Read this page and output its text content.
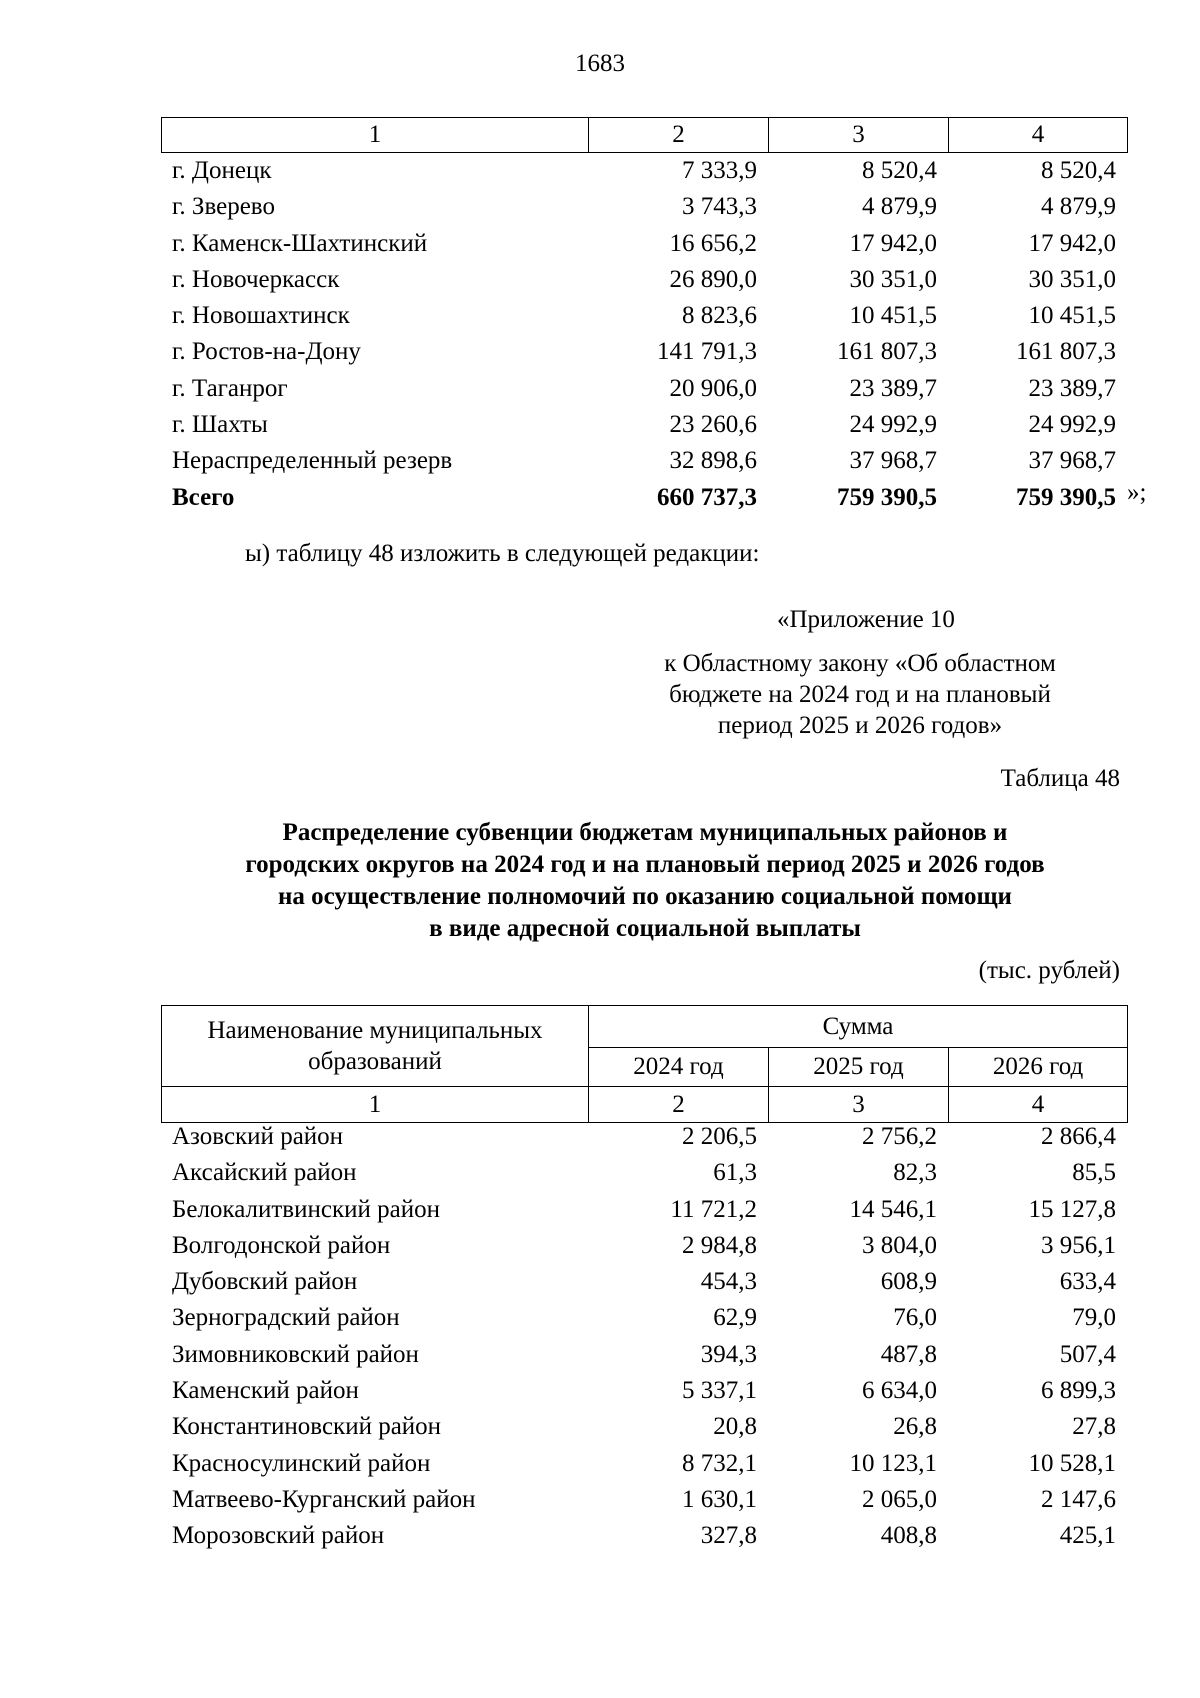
1683
1	2	3	4
г. Донецк	7 333,9	8 520,4	8 520,4
г. Зверево	3 743,3	4 879,9	4 879,9
г. Каменск-Шахтинский	16 656,2	17 942,0	17 942,0
г. Новочеркасск	26 890,0	30 351,0	30 351,0
г. Новошахтинск	8 823,6	10 451,5	10 451,5
г. Ростов-на-Дону	141 791,3	161 807,3	161 807,3
г. Таганрог	20 906,0	23 389,7	23 389,7
г. Шахты	23 260,6	24 992,9	24 992,9
Нераспределенный резерв	32 898,6	37 968,7	37 968,7
Всего	660 737,3	759 390,5	759 390,5 »;
ы) таблицу 48 изложить в следующей редакции:
«Приложение 10
к Областному закону «Об областном
бюджете на 2024 год и на плановый
период 2025 и 2026 годов»
Таблица 48
Распределение субвенции бюджетам муниципальных районов и
городских округов на 2024 год и на плановый период 2025 и 2026 годов
на осуществление полномочий по оказанию социальной помощи
в виде адресной социальной выплаты
(тыс. рублей)
Наименование муниципальных
образований	Сумма		
	2024 год	2025 год	2026 год
1	2	3	4
Азовский район	2 206,5	2 756,2	2 866,4
Аксайский район	61,3	82,3	85,5
Белокалитвинский район	11 721,2	14 546,1	15 127,8
Волгодонской район	2 984,8	3 804,0	3 956,1
Дубовский район	454,3	608,9	633,4
Зерноградский район	62,9	76,0	79,0
Зимовниковский район	394,3	487,8	507,4
Каменский район	5 337,1	6 634,0	6 899,3
Константиновский район	20,8	26,8	27,8
Красносулинский район	8 732,1	10 123,1	10 528,1
Матвеево-Курганский район	1 630,1	2 065,0	2 147,6
Морозовский район	327,8	408,8	425,1
